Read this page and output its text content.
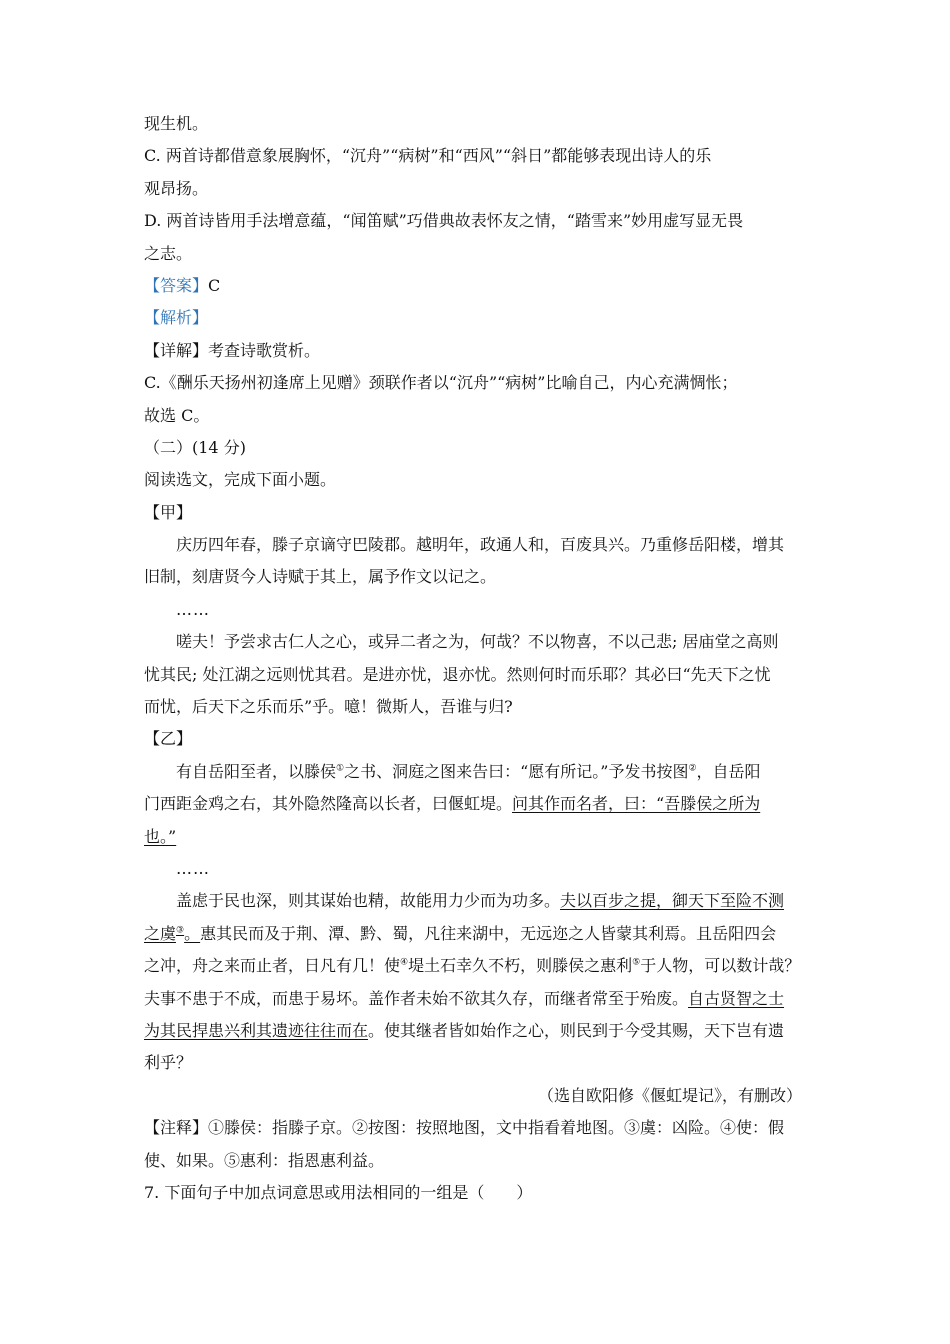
现生机。
C. 两首诗都借意象展胸怀，“沉舟”“病树”和“西风”“斜日”都能够表现出诗人的乐
观昂扬。
D. 两首诗皆用手法增意蕴，“闻笛赋”巧借典故表怀友之情，“踏雪来”妙用虚写显无畏
之志。
【答案】C
【解析】
【详解】考查诗歌赏析。
C.《酬乐天扬州初逢席上见赠》颈联作者以“沉舟”“病树”比喻自己，内心充满惆怅；
故选 C。
（二）(14 分)
阅读选文，完成下面小题。
【甲】
庆历四年春，滕子京谪守巴陵郡。越明年，政通人和，百废具兴。乃重修岳阳楼，增其
旧制，刻唐贤今人诗赋于其上，属予作文以记之。
……
嗟夫！予尝求古仁人之心，或异二者之为，何哉？不以物喜，不以己悲; 居庙堂之高则
忧其民; 处江湖之远则忧其君。是进亦忧，退亦忧。然则何时而乐耶？其必曰“先天下之忧
而忧，后天下之乐而乐”乎。噫！微斯人，吾谁与归?
【乙】
有自岳阳至者，以滕侯①之书、洞庭之图来告曰：“愿有所记。”予发书按图②，自岳阳
门西距金鸡之右，其外隐然隆高以长者，曰偃虹堤。问其作而名者，曰：“吾滕侯之所为
也。”
……
盖虑于民也深，则其谋始也精，故能用力少而为功多。夫以百步之提，御天下至险不测
之虞③。惠其民而及于荆、潭、黔、蜀，凡往来湖中，无远迩之人皆蒙其利焉。且岳阳四会
之冲，舟之来而止者，日凡有几！使④堤土石幸久不朽，则滕侯之惠利⑤于人物，可以数计哉？
夫事不患于不成，而患于易坏。盖作者未始不欲其久存，而继者常至于殆废。自古贤智之士
为其民捍患兴利其遗迹往往而在。使其继者皆如始作之心，则民到于今受其赐，天下岂有遗
利乎？
（选自欧阳修《偃虹堤记》，有删改）
【注释】①滕侯：指滕子京。②按图：按照地图，文中指看着地图。③虞：凶险。④使：假
使、如果。⑤惠利：指恩惠利益。
7. 下面句子中加点词意思或用法相同的一组是（　　）
